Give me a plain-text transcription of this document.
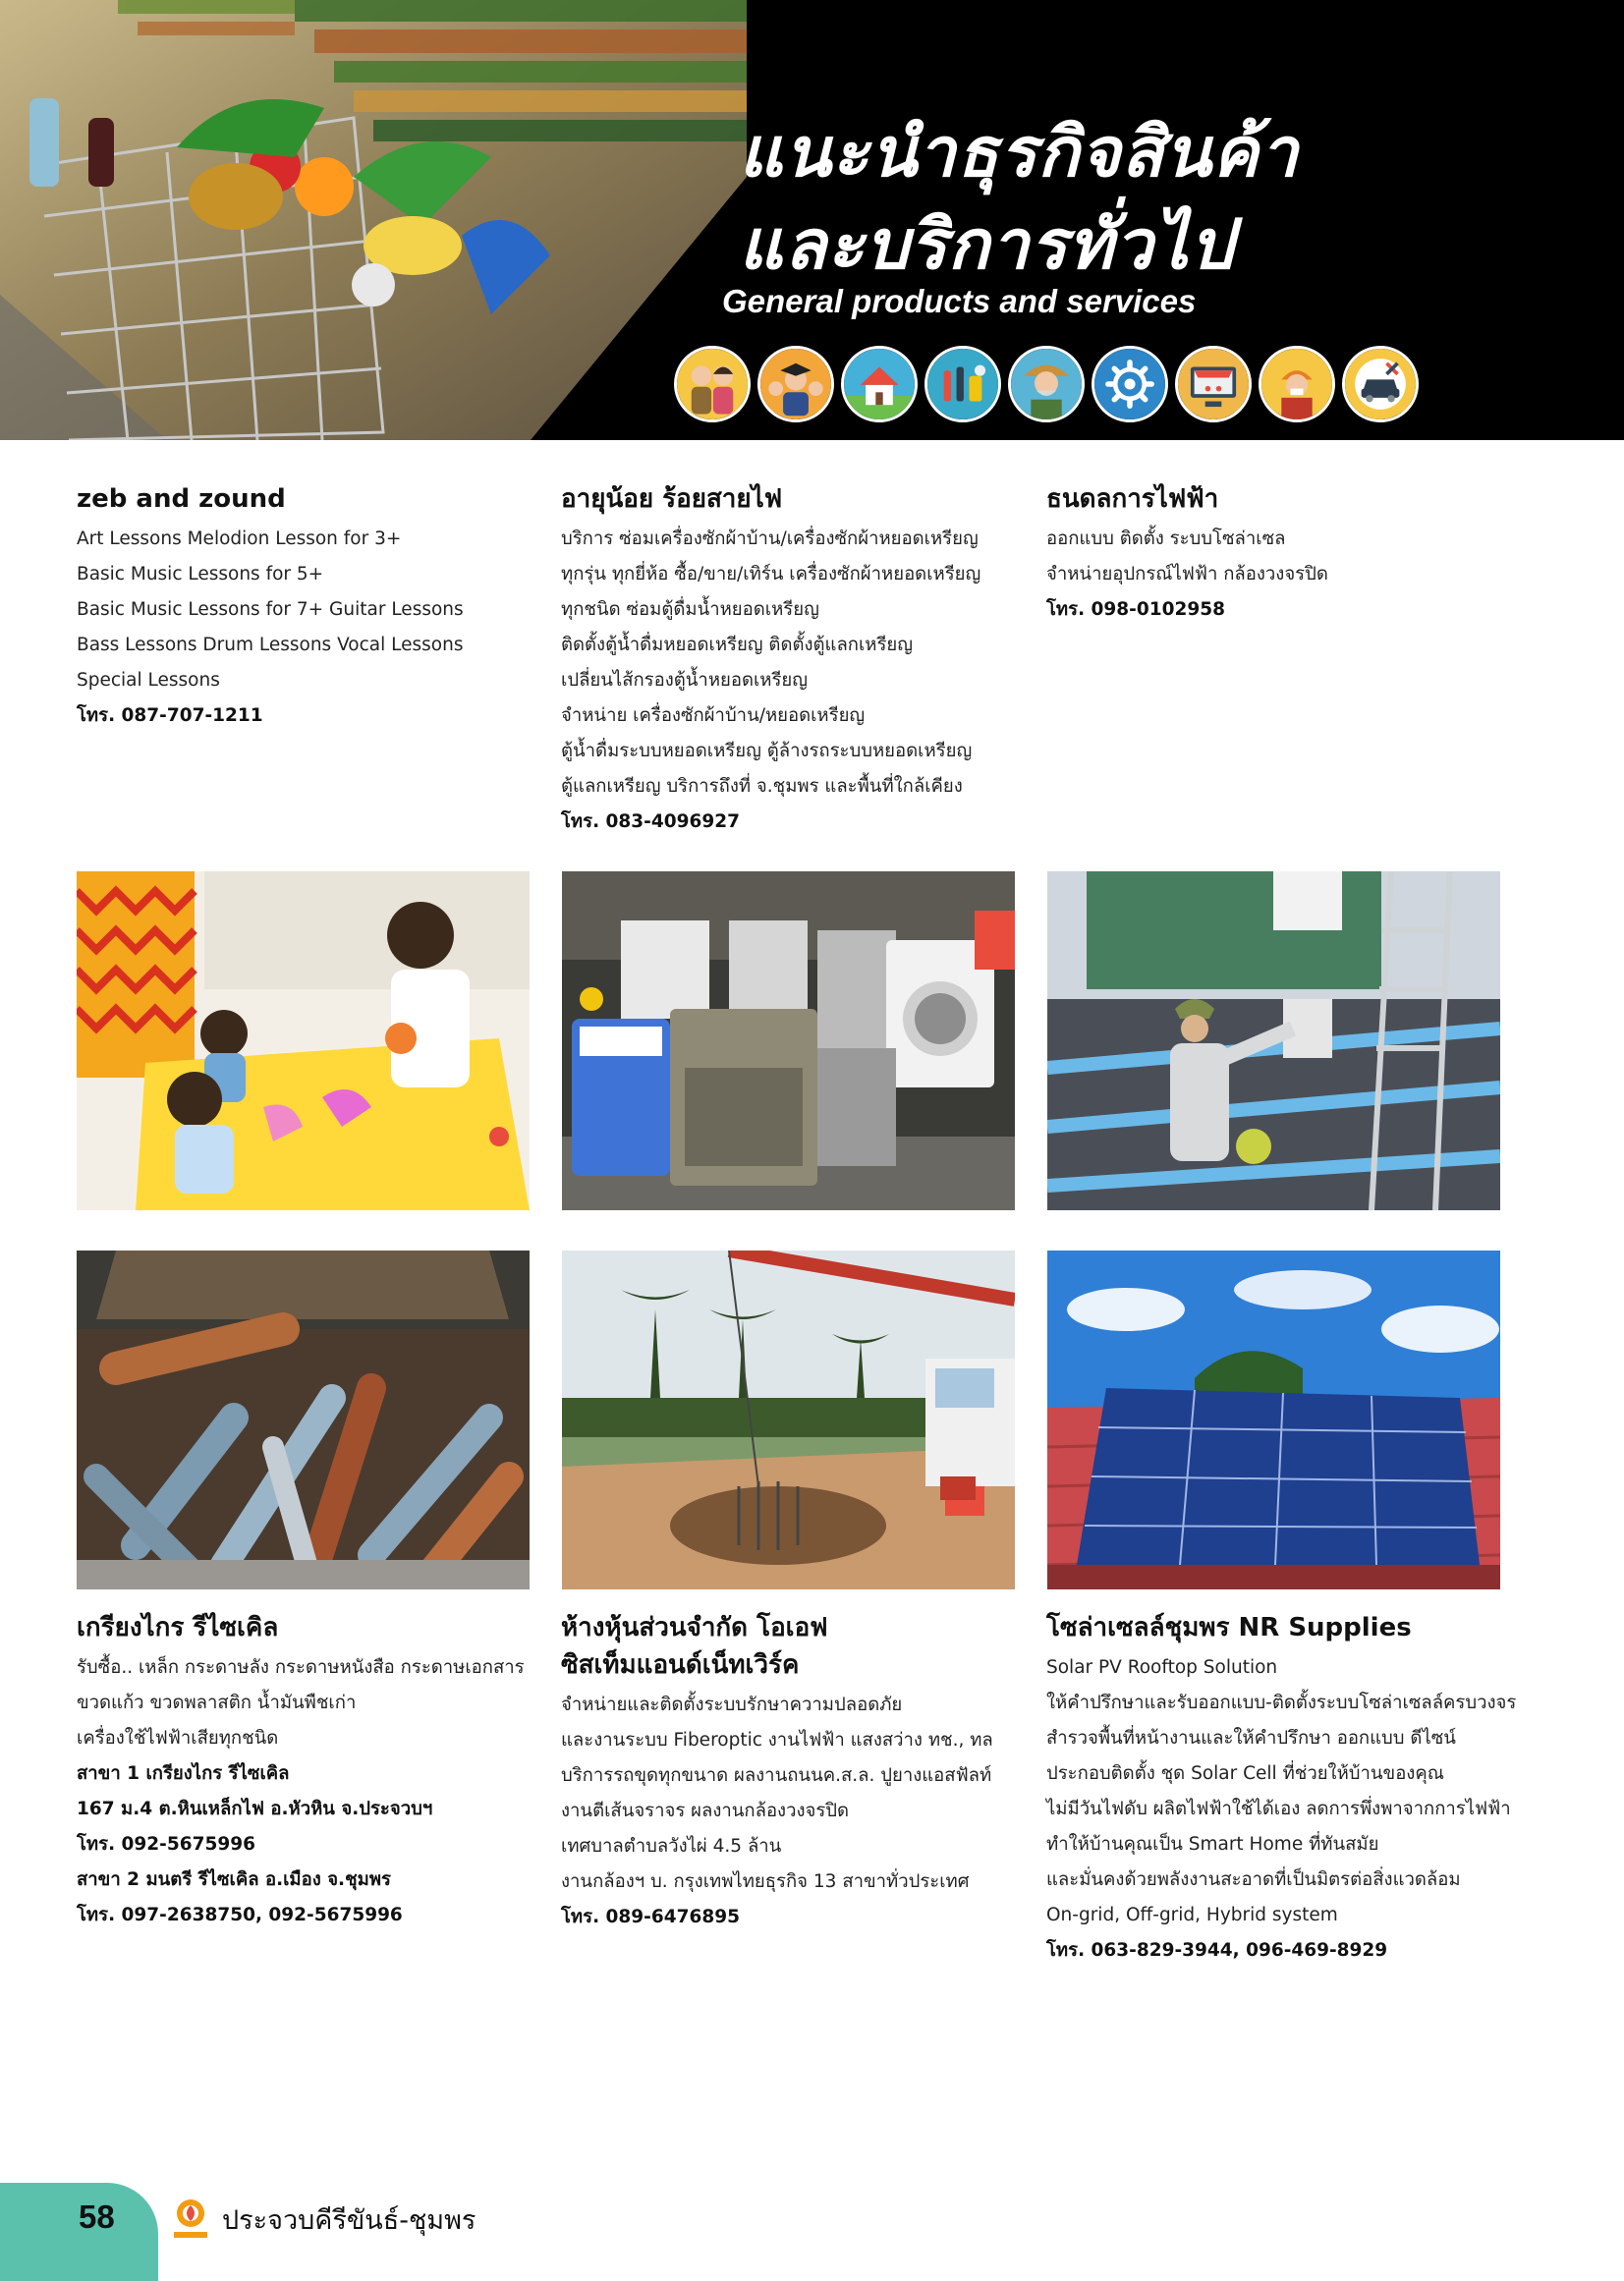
แนะนำธุรกิจสินค้า
และบริการทั่วไป
General products and services
zeb and zound

Art Lessons Melodion Lesson for 3+

Basic Music Lessons for 5+

Basic Music Lessons for 7+ Guitar Lessons

Bass Lessons Drum Lessons Vocal Lessons

Special Lessons

โทร. 087-707-1211

อายุน้อย ร้อยสายไฟ

บริการ ซ่อมเครื่องซักผ้าบ้าน/เครื่องซักผ้าหยอดเหรียญ

ทุกรุ่น ทุกยี่ห้อ ซื้อ/ขาย/เทิร์น เครื่องซักผ้าหยอดเหรียญ

ทุกชนิด ซ่อมตู้ดื่มน้ำหยอดเหรียญ

ติดตั้งตู้น้ำดื่มหยอดเหรียญ ติดตั้งตู้แลกเหรียญ

เปลี่ยนไส้กรองตู้น้ำหยอดเหรียญ

จำหน่าย เครื่องซักผ้าบ้าน/หยอดเหรียญ

ตู้น้ำดื่มระบบหยอดเหรียญ ตู้ล้างรถระบบหยอดเหรียญ

ตู้แลกเหรียญ บริการถึงที่ จ.ชุมพร และพื้นที่ใกล้เคียง

โทร. 083-4096927

ธนดลการไฟฟ้า

ออกแบบ ติดตั้ง ระบบโซล่าเซล

จำหน่ายอุปกรณ์ไฟฟ้า กล้องวงจรปิด

โทร. 098-0102958

เกรียงไกร รีไซเคิล

รับซื้อ.. เหล็ก กระดาษลัง กระดาษหนังสือ กระดาษเอกสาร

ขวดแก้ว ขวดพลาสติก น้ำมันพืชเก่า

เครื่องใช้ไฟฟ้าเสียทุกชนิด

สาขา 1 เกรียงไกร รีไซเคิล

167 ม.4 ต.หินเหล็กไฟ อ.หัวหิน จ.ประจวบฯ

โทร. 092-5675996

สาขา 2 มนตรี รีไซเคิล อ.เมือง จ.ชุมพร

โทร. 097-2638750, 092-5675996

ห้างหุ้นส่วนจำกัด โอเอฟ
ซิสเท็มแอนด์เน็ทเวิร์ค

จำหน่ายและติดตั้งระบบรักษาความปลอดภัย

และงานระบบ Fiberoptic งานไฟฟ้า แสงสว่าง ทช., ทล

บริการรถขุดทุกขนาด ผลงานถนนค.ส.ล. ปูยางแอสฟัลท์

งานตีเส้นจราจร ผลงานกล้องวงจรปิด

เทศบาลตำบลวังไผ่ 4.5 ล้าน

งานกล้องฯ บ. กรุงเทพไทยธุรกิจ 13 สาขาทั่วประเทศ

โทร. 089-6476895

โซล่าเซลล์ชุมพร NR Supplies

Solar PV Rooftop Solution

ให้คำปรึกษาและรับออกแบบ-ติดตั้งระบบโซล่าเซลล์ครบวงจร

สำรวจพื้นที่หน้างานและให้คำปรึกษา ออกแบบ ดีไซน์

ประกอบติดตั้ง ชุด Solar Cell ที่ช่วยให้บ้านของคุณ

ไม่มีวันไฟดับ ผลิตไฟฟ้าใช้ได้เอง ลดการพึ่งพาจากการไฟฟ้า

ทำให้บ้านคุณเป็น Smart Home ที่ทันสมัย

และมั่นคงด้วยพลังงานสะอาดที่เป็นมิตรต่อสิ่งแวดล้อม

On-grid, Off-grid, Hybrid system

โทร. 063-829-3944, 096-469-8929

58	ประจวบคีรีขันธ์-ชุมพร
